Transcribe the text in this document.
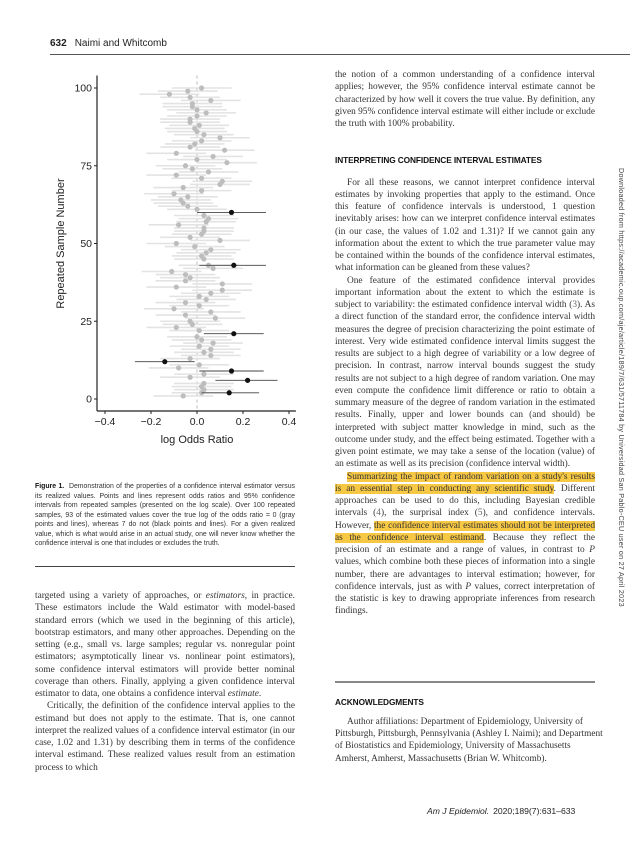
632 Naimi and Whitcomb
−0.4 −0.2	0.0	0.2	0.4
0
25
50
75
100
log Odds Ratio
Repeated Sample Number
Figure 1. Demonstration of the properties of a confidence interval estimator versus its realized values. Points and lines represent odds ratios and 95% confidence intervals from repeated samples (presented on the log scale). Over 100 repeated samples, 93 of the estimated values cover the true log of the odds ratio = 0 (gray points and lines), whereas 7 do not (black points and lines). For a given realized value, which is what would arise in an actual study, one will never know whether the confidence interval is one that includes or excludes the truth.

targeted using a variety of approaches, or estimators, in practice. These estimators include the Wald estimator with model-based standard errors (which we used in the beginning of this article), bootstrap estimators, and many other approaches. Depending on the setting (e.g., small vs. large samples; regular vs. nonregular point estimators; asymptotically linear vs. nonlinear point estimators), some confidence interval estimators will provide better nominal coverage than others. Finally, applying a given confidence interval estimator to data, one obtains a confidence interval estimate.

Critically, the definition of the confidence interval applies to the estimand but does not apply to the estimate. That is, one cannot interpret the realized values of a confidence interval estimator (in our case, 1.02 and 1.31) by describing them in terms of the confidence interval estimand. These realized values result from an estimation process to which

the notion of a common understanding of a confidence interval applies; however, the 95% confidence interval estimate cannot be characterized by how well it covers the true value. By definition, any given 95% confidence interval estimate will either include or exclude the truth with 100% probability.

INTERPRETING CONFIDENCE INTERVAL ESTIMATES

For all these reasons, we cannot interpret confidence interval estimates by invoking properties that apply to the estimand. Once this feature of confidence intervals is understood, 1 question inevitably arises: how can we interpret confidence interval estimates (in our case, the values of 1.02 and 1.31)? If we cannot gain any information about the extent to which the true parameter value may be contained within the bounds of the confidence interval estimates, what information can be gleaned from these values?

One feature of the estimated confidence interval provides important information about the extent to which the estimate is subject to variability: the estimated confidence interval width (3). As a direct function of the standard error, the confidence interval width measures the degree of precision characterizing the point estimate of interest. Very wide estimated confidence interval limits suggest the results are subject to a high degree of variability or a low degree of precision. In contrast, narrow interval bounds suggest the study results are not subject to a high degree of random variation. One may even compute the confidence limit difference or ratio to obtain a summary measure of the degree of random variation in the estimated results. Finally, upper and lower bounds can (and should) be interpreted with subject matter knowledge in mind, such as the outcome under study, and the effect being estimated. Together with a given point estimate, we may take a sense of the location (value) of an estimate as well as its precision (confidence interval width).

Summarizing the impact of random variation on a study's results is an essential step in conducting any scientific study. Different approaches can be used to do this, including Bayesian credible intervals (4), the surprisal index (5), and confidence intervals. However, the confidence interval estimates should not be interpreted as the confidence interval estimand. Because they reflect the precision of an estimate and a range of values, in contrast to P values, which combine both these pieces of information into a single number, there are advantages to interval estimation; however, for confidence intervals, just as with P values, correct interpretation of the statistic is key to drawing appropriate inferences from research findings.

ACKNOWLEDGMENTS
Author affiliations: Department of Epidemiology, University of Pittsburgh, Pittsburgh, Pennsylvania (Ashley I. Naimi); and Department of Biostatistics and Epidemiology, University of Massachusetts Amherst, Amherst, Massachusetts (Brian W. Whitcomb).
Am J Epidemiol. 2020;189(7):631–633
Downloaded from https://academic.oup.com/aje/article/189/7/631/5711784 by Universidad San Pablo-CEU user on 27 April 2023
